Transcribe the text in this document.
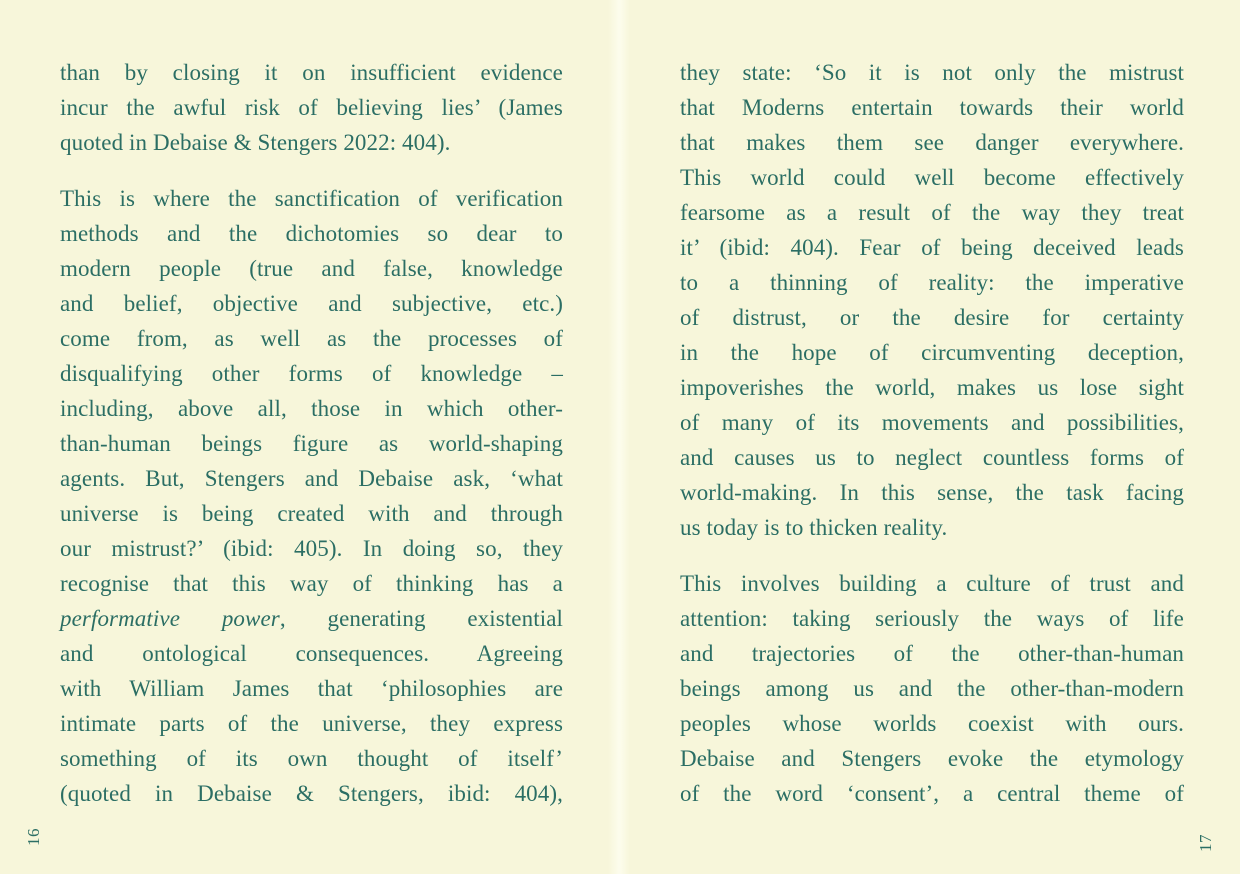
than by closing it on insufficient evidence
incur the awful risk of believing lies’ (James
quoted in Debaise & Stengers 2022: 404).
This is where the sanctification of verification
methods and the dichotomies so dear to
modern people (true and false, knowledge
and belief, objective and subjective, etc.)
come from, as well as the processes of
disqualifying other forms of knowledge –
including, above all, those in which other-
than-human beings figure as world-shaping
agents. But, Stengers and Debaise ask, ‘what
universe is being created with and through
our mistrust?’ (ibid: 405). In doing so, they
recognise that this way of thinking has a
performative power, generating existential
and ontological consequences. Agreeing
with William James that ‘philosophies are
intimate parts of the universe, they express
something of its own thought of itself’
(quoted in Debaise & Stengers, ibid: 404),
they state: ‘So it is not only the mistrust
that Moderns entertain towards their world
that makes them see danger everywhere.
This world could well become effectively
fearsome as a result of the way they treat
it’ (ibid: 404). Fear of being deceived leads
to a thinning of reality: the imperative
of distrust, or the desire for certainty
in the hope of circumventing deception,
impoverishes the world, makes us lose sight
of many of its movements and possibilities,
and causes us to neglect countless forms of
world-making. In this sense, the task facing
us today is to thicken reality.
This involves building a culture of trust and
attention: taking seriously the ways of life
and trajectories of the other-than-human
beings among us and the other-than-modern
peoples whose worlds coexist with ours.
Debaise and Stengers evoke the etymology
of the word ‘consent’, a central theme of
16	17
